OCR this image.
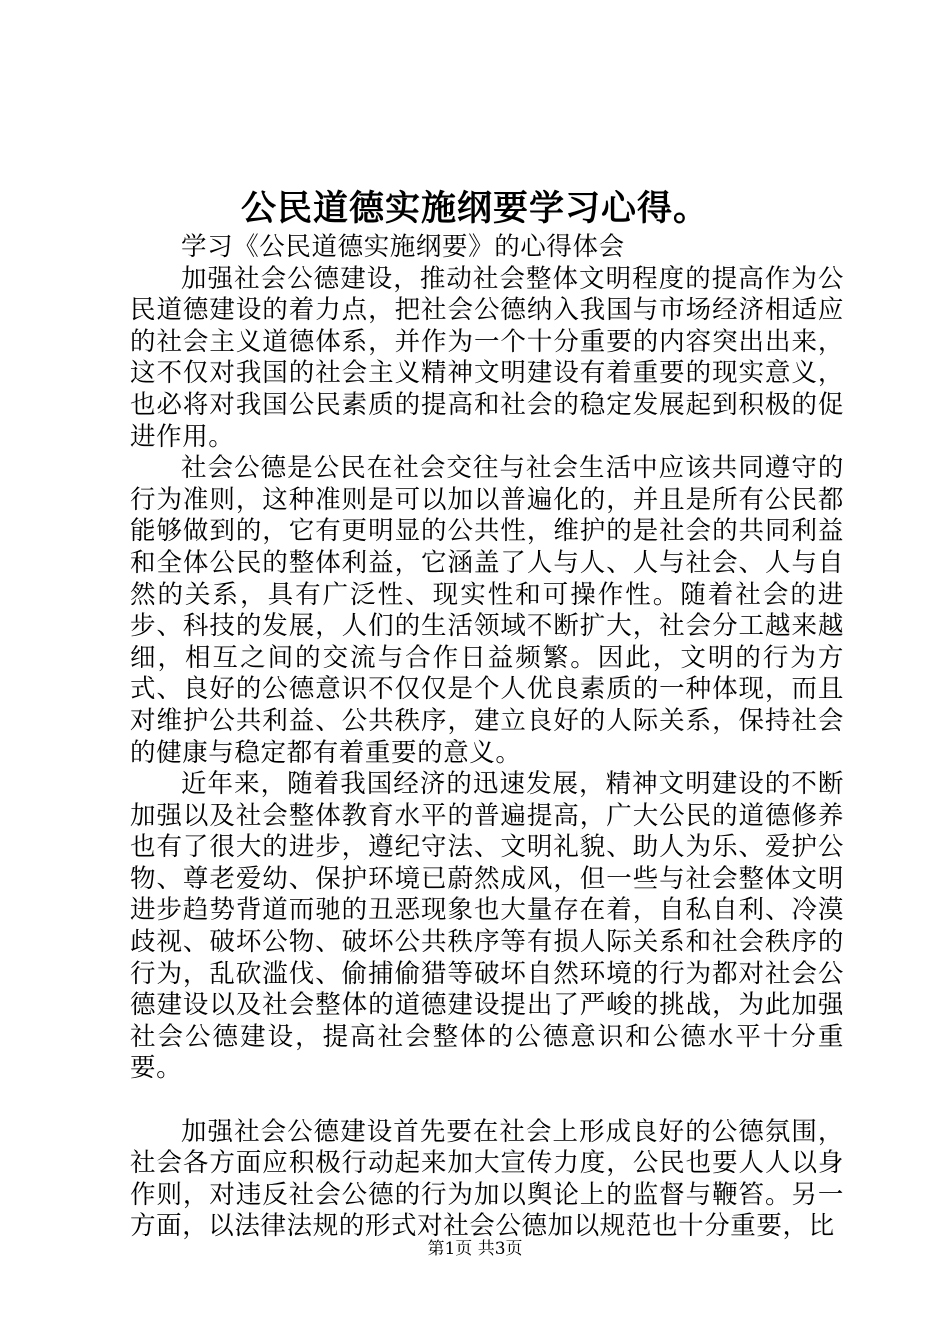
公民道德实施纲要学习心得。

学习《公民道德实施纲要》的心得体会

加强社会公德建设，推动社会整体文明程度的提高作为公民道德建设的着力点，把社会公德纳入我国与市场经济相适应的社会主义道德体系，并作为一个十分重要的内容突出出来，这不仅对我国的社会主义精神文明建设有着重要的现实意义，也必将对我国公民素质的提高和社会的稳定发展起到积极的促进作用。

社会公德是公民在社会交往与社会生活中应该共同遵守的行为准则，这种准则是可以加以普遍化的，并且是所有公民都能够做到的，它有更明显的公共性，维护的是社会的共同利益和全体公民的整体利益，它涵盖了人与人、人与社会、人与自然的关系，具有广泛性、现实性和可操作性。随着社会的进步、科技的发展，人们的生活领域不断扩大，社会分工越来越细，相互之间的交流与合作日益频繁。因此，文明的行为方式、良好的公德意识不仅仅是个人优良素质的一种体现，而且对维护公共利益、公共秩序，建立良好的人际关系，保持社会的健康与稳定都有着重要的意义。

近年来，随着我国经济的迅速发展，精神文明建设的不断加强以及社会整体教育水平的普遍提高，广大公民的道德修养也有了很大的进步，遵纪守法、文明礼貌、助人为乐、爱护公物、尊老爱幼、保护环境已蔚然成风，但一些与社会整体文明进步趋势背道而驰的丑恶现象也大量存在着，自私自利、冷漠歧视、破坏公物、破坏公共秩序等有损人际关系和社会秩序的行为，乱砍滥伐、偷捕偷猎等破坏自然环境的行为都对社会公德建设以及社会整体的道德建设提出了严峻的挑战，为此加强社会公德建设，提高社会整体的公德意识和公德水平十分重要。

加强社会公德建设首先要在社会上形成良好的公德氛围，社会各方面应积极行动起来加大宣传力度，公民也要人人以身作则，对违反社会公德的行为加以舆论上的监督与鞭笞。另一方面，以法律法规的形式对社会公德加以规范也十分重要，比

第1页 共3页
